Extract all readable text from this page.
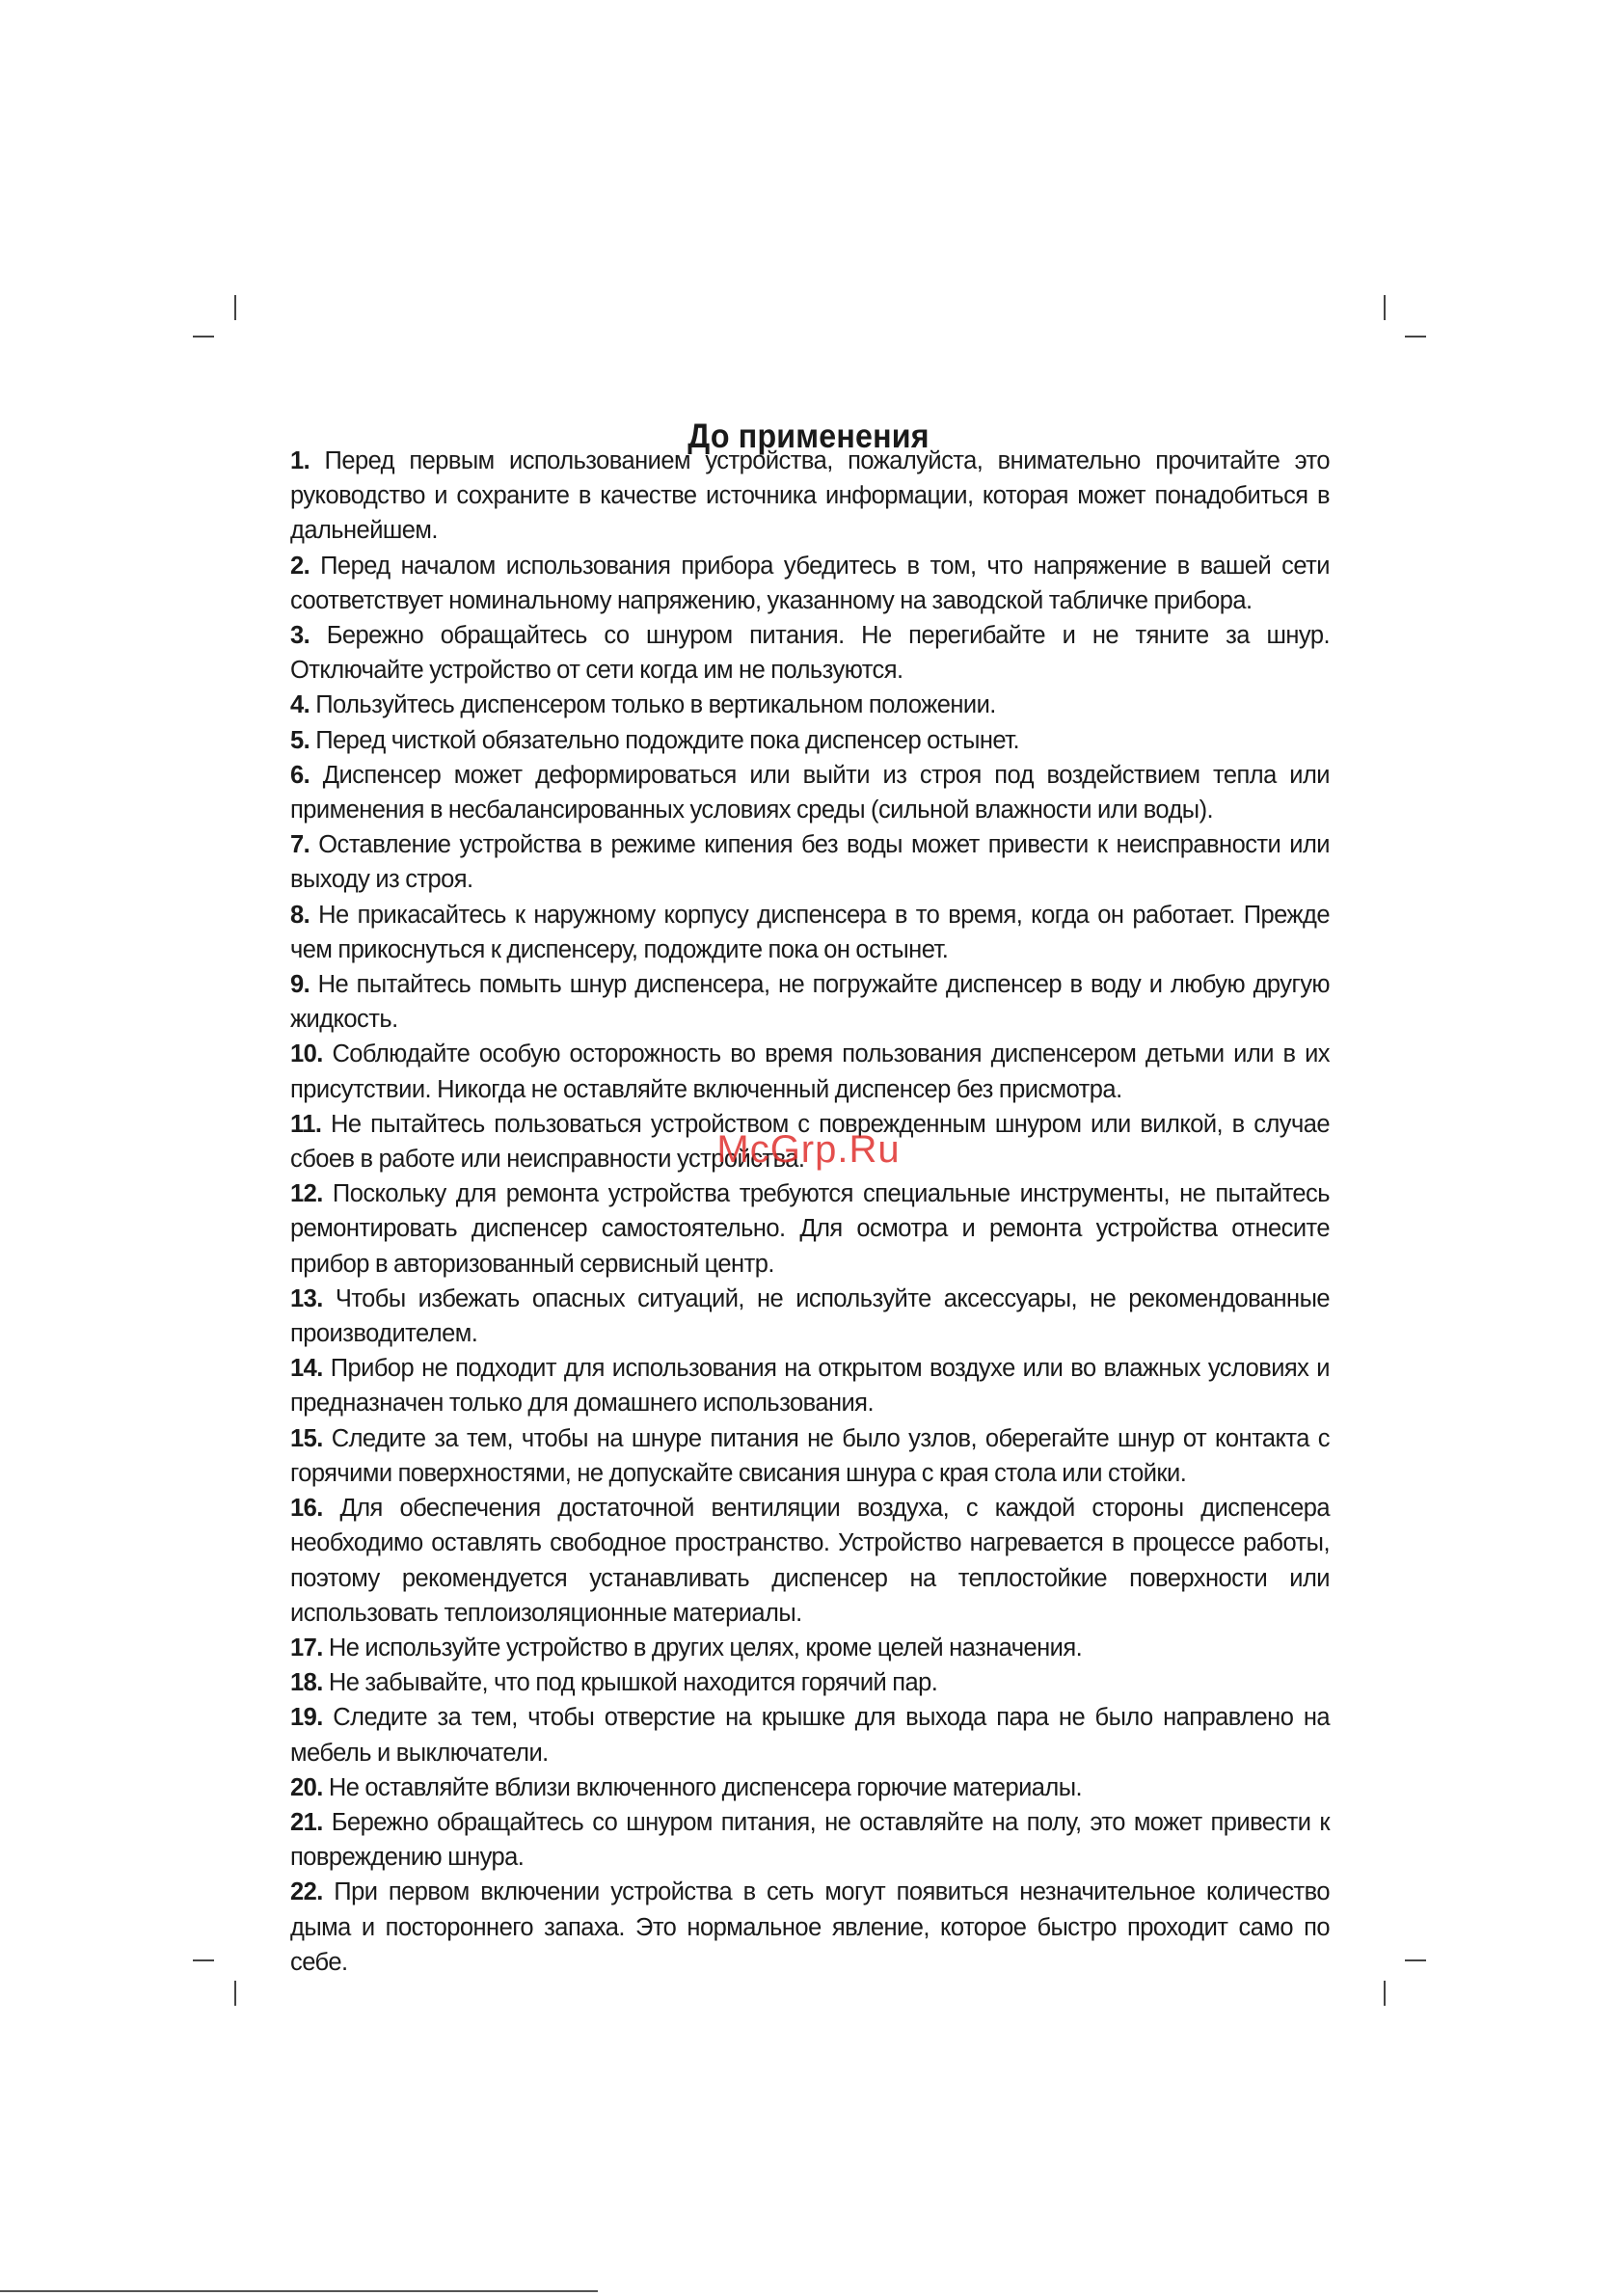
До применения
1. Перед первым использованием устройства, пожалуйста, внимательно прочитайте это руководство и сохраните в качестве источника информации, которая может понадобиться в дальнейшем.
2. Перед началом использования прибора убедитесь в том, что напряжение в вашей сети соответствует номинальному напряжению, указанному на заводской табличке прибора.
3. Бережно обращайтесь со шнуром питания. Не перегибайте и не тяните за шнур. Отключайте устройство от сети когда им не пользуются.
4. Пользуйтесь диспенсером только в вертикальном положении.
5. Перед чисткой обязательно подождите пока диспенсер остынет.
6. Диспенсер может деформироваться или выйти из строя под воздействием тепла или применения в несбалансированных условиях среды (сильной влажности или воды).
7. Оставление устройства в режиме кипения без воды может привести к неисправности или выходу из строя.
8. Не прикасайтесь к наружному корпусу диспенсера в то время, когда он работает. Прежде чем прикоснуться к диспенсеру, подождите пока он остынет.
9. Не пытайтесь помыть шнур диспенсера, не погружайте диспенсер в воду и любую другую жидкость.
10. Соблюдайте особую осторожность во время пользования диспенсером детьми или в их присутствии. Никогда не оставляйте включенный диспенсер без присмотра.
11. Не пытайтесь пользоваться устройством с поврежденным шнуром или вилкой, в случае сбоев в работе или неисправности устройства.
12. Поскольку для ремонта устройства требуются специальные инструменты, не пытайтесь ремонтировать диспенсер самостоятельно. Для осмотра и ремонта устройства отнесите прибор в авторизованный сервисный центр.
13. Чтобы избежать опасных ситуаций, не используйте аксессуары, не рекомендованные производителем.
14. Прибор не подходит для использования на открытом воздухе или во влажных условиях и предназначен только для домашнего использования.
15. Следите за тем, чтобы на шнуре питания не было узлов, оберегайте шнур от контакта с горячими поверхностями, не допускайте свисания шнура с края стола или стойки.
16. Для обеспечения достаточной вентиляции воздуха, с каждой стороны диспенсера необходимо оставлять свободное пространство. Устройство нагревается в процессе работы, поэтому рекомендуется устанавливать диспенсер на теплостойкие поверхности или использовать теплоизоляционные материалы.
17. Не используйте устройство в других целях, кроме целей назначения.
18. Не забывайте, что под крышкой находится горячий пар.
19. Следите за тем, чтобы отверстие на крышке для выхода пара не было направлено на мебель и выключатели.
20. Не оставляйте вблизи включенного диспенсера горючие материалы.
21. Бережно обращайтесь со шнуром питания, не оставляйте на полу, это может привести к повреждению шнура.
22. При первом включении устройства в сеть могут появиться незначительное количество дыма и постороннего запаха. Это нормальное явление, которое быстро проходит само по себе.
McGrp.Ru
